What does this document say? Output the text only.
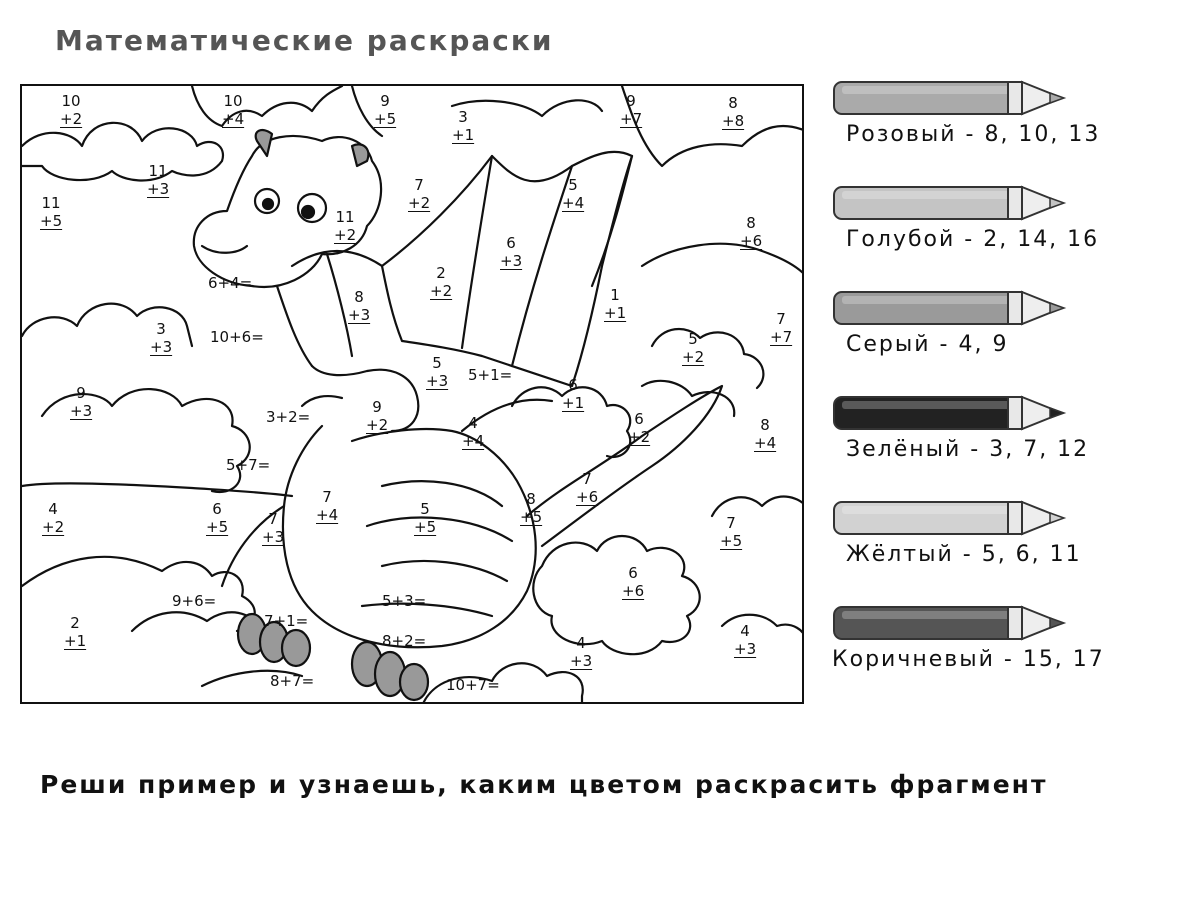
Математические раскраски
10
+2
10
+4
9
+5	3
+1
9
+7
8
+8
11
+3
11
+5
7
+2
5
+4
11
+2
8
+6
6
+3
2
+2
8
+3
1
+1
3
+3
7
+7
5
+2
5
+3
9
+3
6
+1
9
+2	4
+4
6
+2
8
+4
4
+2
6
+5	7
+3
7
+4	5
+5
8
+5
7
+6
7
+5
6
+6
2
+1	4
+3
4
+3
6+4=
10+6=
5+1=
3+2=
5+7=
9+6=	5+3=
7+1=
8+2=
8+7=	10+7=
Розовый - 8, 10, 13
Голубой - 2, 14, 16
Серый - 4, 9
Зелёный - 3, 7, 12
Жёлтый - 5, 6, 11
Коричневый - 15, 17
Реши пример и узнаешь, каким цветом раскрасить фрагмент
